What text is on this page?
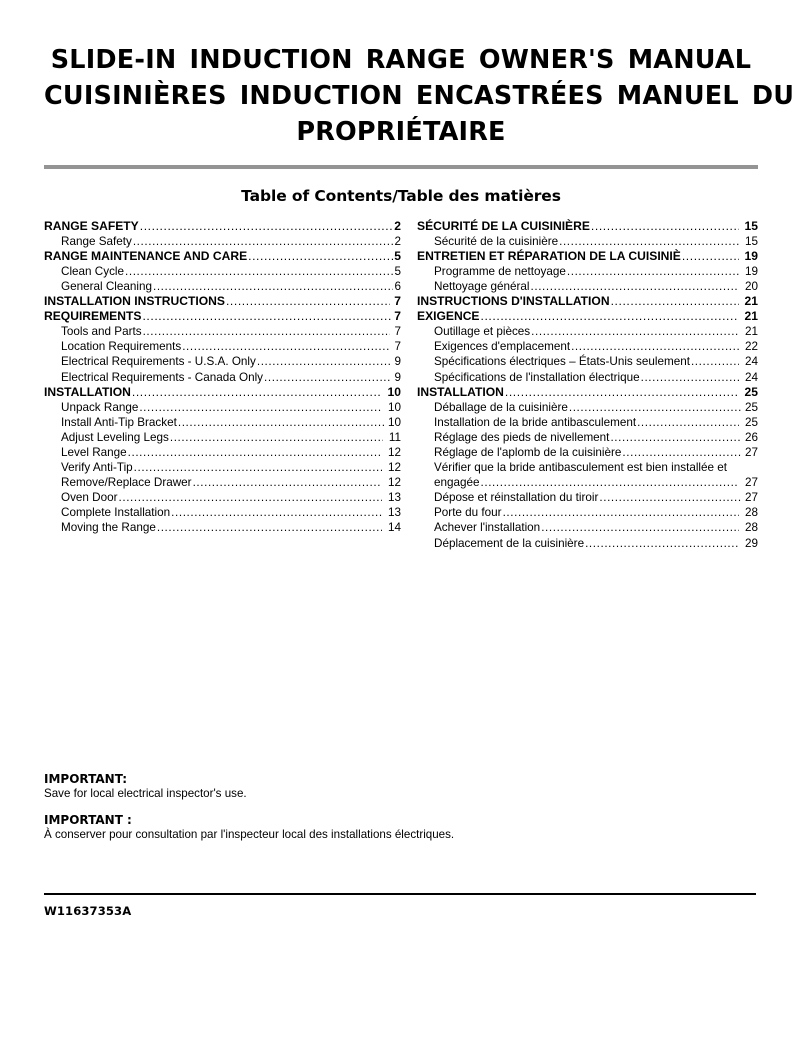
SLIDE-IN INDUCTION RANGE OWNER'S MANUAL
CUISINIÈRES INDUCTION ENCASTRÉES MANUEL DU
PROPRIÉTAIRE
Table of Contents/Table des matières
RANGE SAFETY .....	2
Range Safety .....	2
RANGE MAINTENANCE AND CARE .....	5
Clean Cycle .....	5
General Cleaning .....	6
INSTALLATION INSTRUCTIONS .....	7
REQUIREMENTS .....	7
Tools and Parts .....	7
Location Requirements .....	7
Electrical Requirements - U.S.A. Only .....	9
Electrical Requirements - Canada Only .....	9
INSTALLATION .....	10
Unpack Range .....	10
Install Anti-Tip Bracket .....	10
Adjust Leveling Legs .....	11
Level Range .....	12
Verify Anti-Tip .....	12
Remove/Replace Drawer .....	12
Oven Door .....	13
Complete Installation .....	13
Moving the Range .....	14
SÉCURITÉ DE LA CUISINIÈRE .....	15
Sécurité de la cuisinière .....	15
ENTRETIEN ET RÉPARATION DE LA CUISINIÈ .....	19
Programme de nettoyage .....	19
Nettoyage général .....	20
INSTRUCTIONS D'INSTALLATION .....	21
EXIGENCE .....	21
Outillage et pièces .....	21
Exigences d'emplacement .....	22
Spécifications électriques – États-Unis seulement .....	24
Spécifications de l'installation électrique .....	24
INSTALLATION .....	25
Déballage de la cuisinière .....	25
Installation de la bride antibasculement .....	25
Réglage des pieds de nivellement .....	26
Réglage de l'aplomb de la cuisinière .....	27
Vérifier que la bride antibasculement est bien installée et
engagée .....	27
Dépose et réinstallation du tiroir .....	27
Porte du four .....	28
Achever l'installation .....	28
Déplacement de la cuisinière .....	29
IMPORTANT:
Save for local electrical inspector's use.
IMPORTANT :
À conserver pour consultation par l'inspecteur local des installations électriques.
W11637353A
